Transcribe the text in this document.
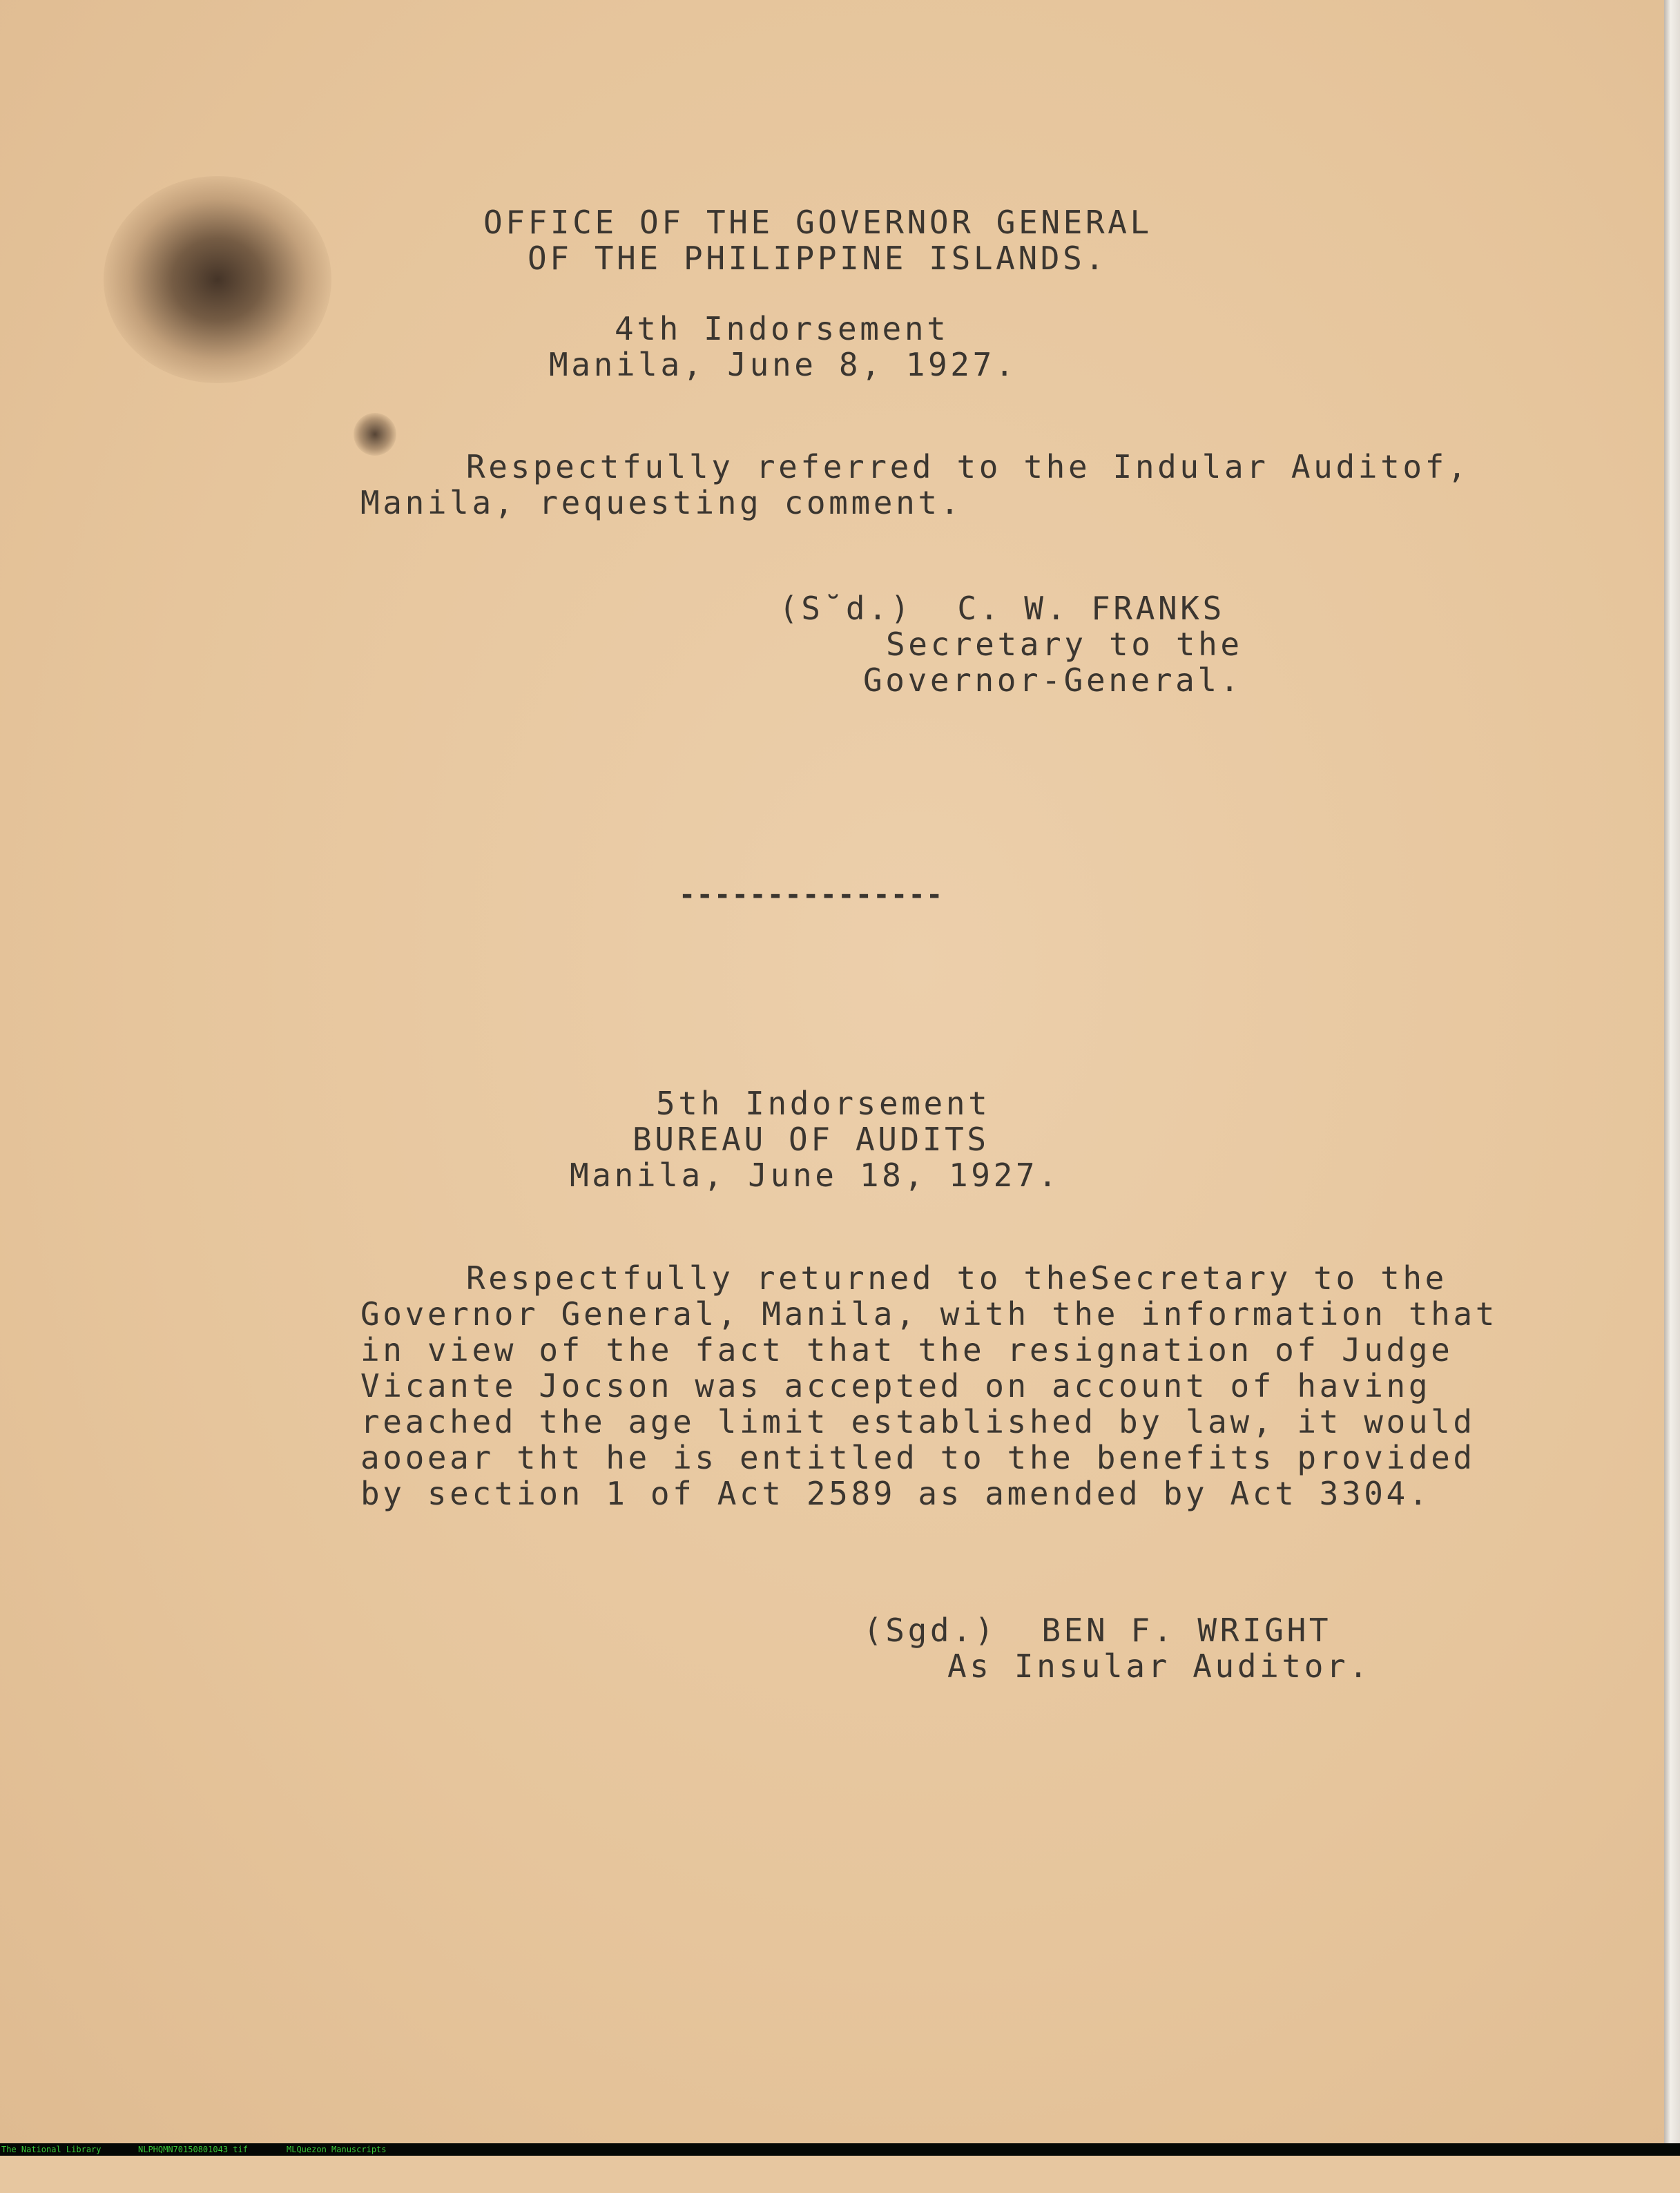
OFFICE OF THE GOVERNOR GENERAL
OF THE PHILIPPINE ISLANDS.
4th Indorsement
Manila, June 8, 1927.
Respectfully referred to the Indular Auditof,
Manila, requesting comment.
(S˘d.)  C. W. FRANKS
Secretary to the
Governor-General.
---------------
5th Indorsement
BUREAU OF AUDITS
Manila, June 18, 1927.
Respectfully returned to theSecretary to the
Governor General, Manila, with the information that
in view of the fact that the resignation of Judge
Vicante Jocson was accepted on account of having
reached the age limit established by law, it would
aooear tht he is entitled to the benefits provided
by section 1 of Act 2589 as amended by Act 3304.
(Sgd.)  BEN F. WRIGHT
As Insular Auditor.

The National Library

	NLPHQMN70150801043 tif

	MLQuezon Manuscripts
